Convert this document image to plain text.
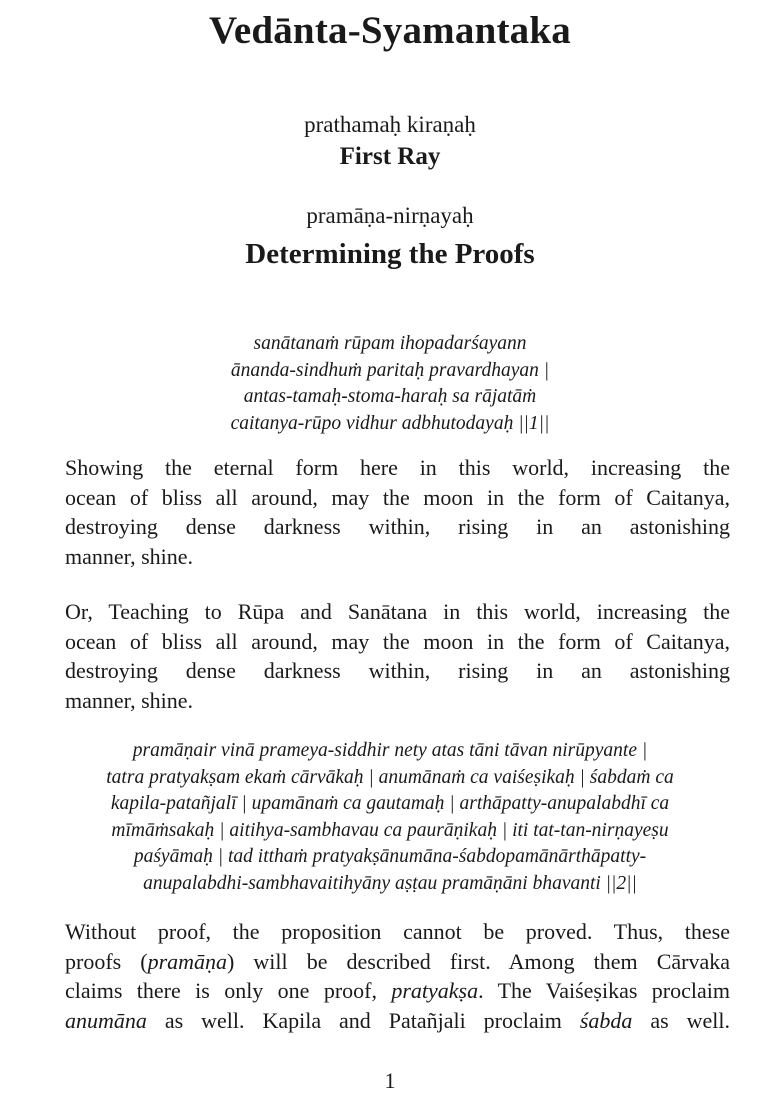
Vedānta-Syamantaka
prathamaḥ kiraṇaḥ
First Ray
pramāṇa-nirṇayaḥ
Determining the Proofs
sanātanaṁ rūpam ihopadarśayann
ānanda-sindhuṁ paritaḥ pravardhayan |
antas-tamaḥ-stoma-haraḥ sa rājatāṁ
caitanya-rūpo vidhur adbhutodayaḥ ||1||
Showing the eternal form here in this world, increasing the
ocean of bliss all around, may the moon in the form of Caitanya,
destroying dense darkness within, rising in an astonishing
manner, shine.
Or, Teaching to Rūpa and Sanātana in this world, increasing the
ocean of bliss all around, may the moon in the form of Caitanya,
destroying dense darkness within, rising in an astonishing
manner, shine.
pramāṇair vinā prameya-siddhir nety atas tāni tāvan nirūpyante |
tatra pratyakṣam ekaṁ cārvākaḥ | anumānaṁ ca vaiśeṣikaḥ | śabdaṁ ca
kapila-patañjalī | upamānaṁ ca gautamaḥ | arthāpatty-anupalabdhī ca
mīmāṁsakaḥ | aitihya-sambhavau ca paurāṇikaḥ | iti tat-tan-nirṇayeṣu
paśyāmaḥ | tad itthaṁ pratyakṣānumāna-śabdopamānārthāpatty-
anupalabdhi-sambhavaitihyāny aṣṭau pramāṇāni bhavanti ||2||
Without proof, the proposition cannot be proved. Thus, these
proofs (pramāṇa) will be described first. Among them Cārvaka
claims there is only one proof, pratyakṣa. The Vaiśeṣikas proclaim
anumāna as well. Kapila and Patañjali proclaim śabda as well.
1
